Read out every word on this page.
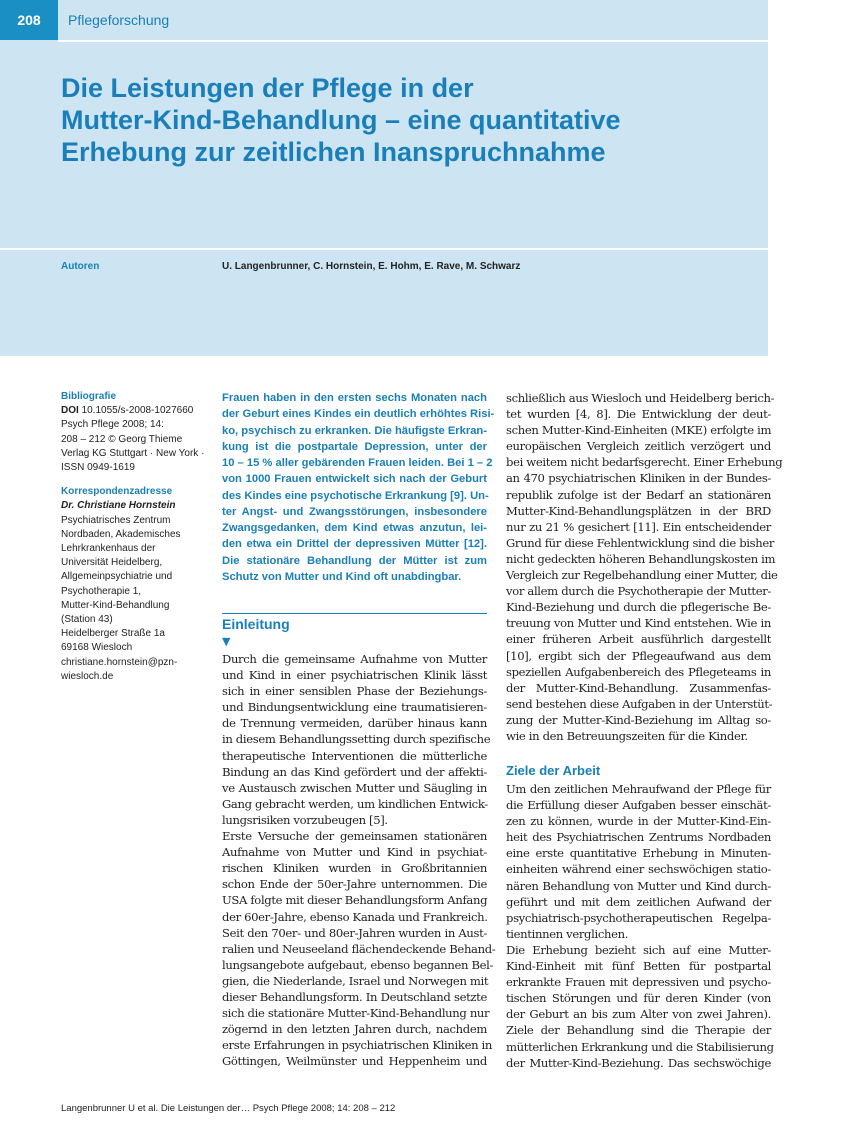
208	Pflegeforschung
Die Leistungen der Pflege in der
Mutter-Kind-Behandlung – eine quantitative
Erhebung zur zeitlichen Inanspruchnahme
Autoren	U. Langenbrunner, C. Hornstein, E. Hohm, E. Rave, M. Schwarz
Bibliografie
DOI 10.1055/s-2008-1027660
Psych Pflege 2008; 14:
208 – 212 © Georg Thieme
Verlag KG Stuttgart · New York ·
ISSN 0949-1619
Korrespondenzadresse
Dr. Christiane Hornstein
Psychiatrisches Zentrum
Nordbaden, Akademisches
Lehrkrankenhaus der
Universität Heidelberg,
Allgemeinpsychiatrie und
Psychotherapie 1,
Mutter-Kind-Behandlung
(Station 43)
Heidelberger Straße 1a
69168 Wiesloch
christiane.hornstein@pzn-
wiesloch.de
Frauen haben in den ersten sechs Monaten nach
der Geburt eines Kindes ein deutlich erhöhtes Risi-
ko, psychisch zu erkranken. Die häufigste Erkran-
kung ist die postpartale Depression, unter der
10 – 15 % aller gebärenden Frauen leiden. Bei 1 – 2
von 1000 Frauen entwickelt sich nach der Geburt
des Kindes eine psychotische Erkrankung [9]. Un-
ter Angst- und Zwangsstörungen, insbesondere
Zwangsgedanken, dem Kind etwas anzutun, lei-
den etwa ein Drittel der depressiven Mütter [12].
Die stationäre Behandlung der Mütter ist zum
Schutz von Mutter und Kind oft unabdingbar.
Einleitung
▼
Durch die gemeinsame Aufnahme von Mutter
und Kind in einer psychiatrischen Klinik lässt
sich in einer sensiblen Phase der Beziehungs-
und Bindungsentwicklung eine traumatisieren-
de Trennung vermeiden, darüber hinaus kann
in diesem Behandlungssetting durch spezifische
therapeutische Interventionen die mütterliche
Bindung an das Kind gefördert und der affekti-
ve Austausch zwischen Mutter und Säugling in
Gang gebracht werden, um kindlichen Entwick-
lungsrisiken vorzubeugen [5].
Erste Versuche der gemeinsamen stationären
Aufnahme von Mutter und Kind in psychiat-
rischen Kliniken wurden in Großbritannien
schon Ende der 50er-Jahre unternommen. Die
USA folgte mit dieser Behandlungsform Anfang
der 60er-Jahre, ebenso Kanada und Frankreich.
Seit den 70er- und 80er-Jahren wurden in Aust-
ralien und Neuseeland flächendeckende Behand-
lungsangebote aufgebaut, ebenso begannen Bel-
gien, die Niederlande, Israel und Norwegen mit
dieser Behandlungsform. In Deutschland setzte
sich die stationäre Mutter-Kind-Behandlung nur
zögernd in den letzten Jahren durch, nachdem
erste Erfahrungen in psychiatrischen Kliniken in
Göttingen, Weilmünster und Heppenheim und
schließlich aus Wiesloch und Heidelberg berich-
tet wurden [4, 8]. Die Entwicklung der deut-
schen Mutter-Kind-Einheiten (MKE) erfolgte im
europäischen Vergleich zeitlich verzögert und
bei weitem nicht bedarfsgerecht. Einer Erhebung
an 470 psychiatrischen Kliniken in der Bundes-
republik zufolge ist der Bedarf an stationären
Mutter-Kind-Behandlungsplätzen in der BRD
nur zu 21 % gesichert [11]. Ein entscheidender
Grund für diese Fehlentwicklung sind die bisher
nicht gedeckten höheren Behandlungskosten im
Vergleich zur Regelbehandlung einer Mutter, die
vor allem durch die Psychotherapie der Mutter-
Kind-Beziehung und durch die pflegerische Be-
treuung von Mutter und Kind entstehen. Wie in
einer früheren Arbeit ausführlich dargestellt
[10], ergibt sich der Pflegeaufwand aus dem
speziellen Aufgabenbereich des Pflegeteams in
der Mutter-Kind-Behandlung. Zusammenfas-
send bestehen diese Aufgaben in der Unterstüt-
zung der Mutter-Kind-Beziehung im Alltag so-
wie in den Betreuungszeiten für die Kinder.
Ziele der Arbeit
Um den zeitlichen Mehraufwand der Pflege für
die Erfüllung dieser Aufgaben besser einschät-
zen zu können, wurde in der Mutter-Kind-Ein-
heit des Psychiatrischen Zentrums Nordbaden
eine erste quantitative Erhebung in Minuten-
einheiten während einer sechswöchigen statio-
nären Behandlung von Mutter und Kind durch-
geführt und mit dem zeitlichen Aufwand der
psychiatrisch-psychotherapeutischen Regelpa-
tientinnen verglichen.
Die Erhebung bezieht sich auf eine Mutter-
Kind-Einheit mit fünf Betten für postpartal
erkrankte Frauen mit depressiven und psycho-
tischen Störungen und für deren Kinder (von
der Geburt an bis zum Alter von zwei Jahren).
Ziele der Behandlung sind die Therapie der
mütterlichen Erkrankung und die Stabilisierung
der Mutter-Kind-Beziehung. Das sechswöchige
Langenbrunner U et al. Die Leistungen der… Psych Pflege 2008; 14: 208 – 212
